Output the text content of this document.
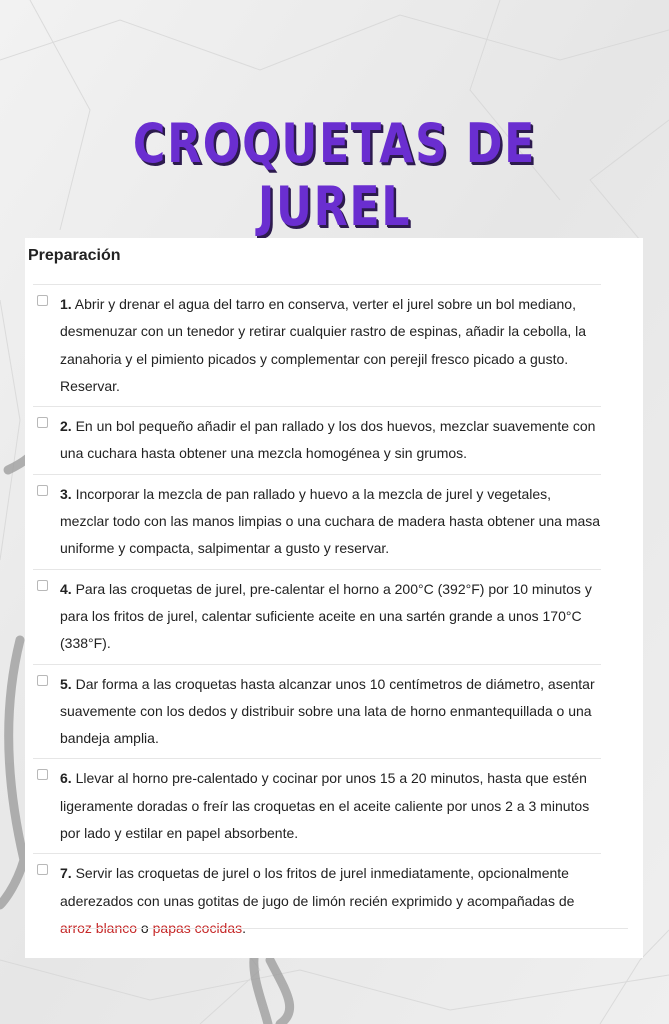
CROQUETAS DE JUREL
Preparación

1. Abrir y drenar el agua del tarro en conserva, verter el jurel sobre un bol mediano, desmenuzar con un tenedor y retirar cualquier rastro de espinas, añadir la cebolla, la zanahoria y el pimiento picados y complementar con perejil fresco picado a gusto. Reservar.

2. En un bol pequeño añadir el pan rallado y los dos huevos, mezclar suavemente con una cuchara hasta obtener una mezcla homogénea y sin grumos.

3. Incorporar la mezcla de pan rallado y huevo a la mezcla de jurel y vegetales, mezclar todo con las manos limpias o una cuchara de madera hasta obtener una masa uniforme y compacta, salpimentar a gusto y reservar.

4. Para las croquetas de jurel, pre-calentar el horno a 200°C (392°F) por 10 minutos y para los fritos de jurel, calentar suficiente aceite en una sartén grande a unos 170°C (338°F).

5. Dar forma a las croquetas hasta alcanzar unos 10 centímetros de diámetro, asentar suavemente con los dedos y distribuir sobre una lata de horno enmantequillada o una bandeja amplia.

6. Llevar al horno pre-calentado y cocinar por unos 15 a 20 minutos, hasta que estén ligeramente doradas o freír las croquetas en el aceite caliente por unos 2 a 3 minutos por lado y estilar en papel absorbente.

7. Servir las croquetas de jurel o los fritos de jurel inmediatamente, opcionalmente aderezados con unas gotitas de jugo de limón recién exprimido y acompañadas de arroz blanco o papas cocidas.
